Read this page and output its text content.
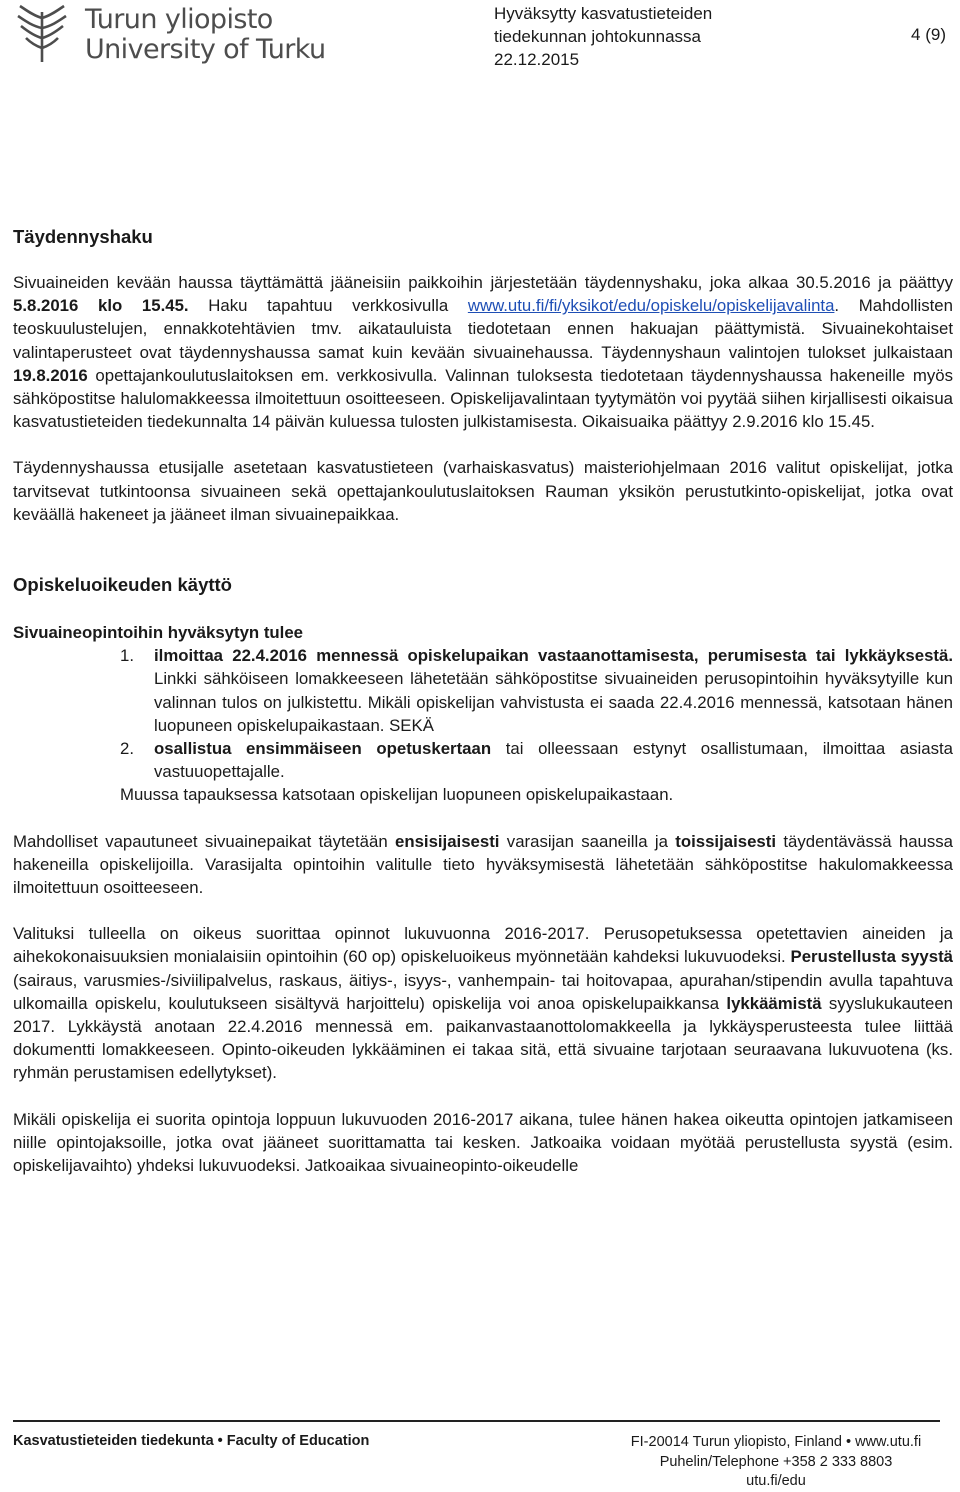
Turun yliopisto
University of Turku
Hyväksytty kasvatustieteiden
tiedekunnan johtokunnassa
22.12.2015
4 (9)
Täydennyshaku

Sivuaineiden kevään haussa täyttämättä jääneisiin paikkoihin järjestetään täydennyshaku, joka alkaa 30.5.2016 ja päättyy 5.8.2016 klo 15.45. Haku tapahtuu verkkosivulla www.utu.fi/fi/yksikot/edu/opiskelu/opiskelijavalinta. Mahdollisten teoskuulustelujen, ennakkotehtävien tmv. aikatauluista tiedotetaan ennen hakuajan päättymistä. Sivuainekohtaiset valintaperusteet ovat täydennyshaussa samat kuin kevään sivuainehaussa. Täydennyshaun valintojen tulokset julkaistaan 19.8.2016 opettajankoulutuslaitoksen em. verkkosivulla. Valinnan tuloksesta tiedotetaan täydennyshaussa hakeneille myös sähköpostitse halulomakkeessa ilmoitettuun osoitteeseen. Opiskelijavalintaan tyytymätön voi pyytää siihen kirjallisesti oikaisua kasvatustieteiden tiedekunnalta 14 päivän kuluessa tulosten julkistamisesta. Oikaisuaika päättyy 2.9.2016 klo 15.45.

Täydennyshaussa etusijalle asetetaan kasvatustieteen (varhaiskasvatus) maisteriohjelmaan 2016 valitut opiskelijat, jotka tarvitsevat tutkintoonsa sivuaineen sekä opettajankoulutuslaitoksen Rauman yksikön perustutkinto-opiskelijat, jotka ovat keväällä hakeneet ja jääneet ilman sivuainepaikkaa.

Opiskeluoikeuden käyttö

Sivuaineopintoihin hyväksytyn tulee

1. ilmoittaa 22.4.2016 mennessä opiskelupaikan vastaanottamisesta, perumisesta tai lykkäyksestä. Linkki sähköiseen lomakkeeseen lähetetään sähköpostitse sivuaineiden perusopintoihin hyväksytyille kun valinnan tulos on julkistettu. Mikäli opiskelijan vahvistusta ei saada 22.4.2016 mennessä, katsotaan hänen luopuneen opiskelupaikastaan. SEKÄ
2. osallistua ensimmäiseen opetuskertaan tai olleessaan estynyt osallistumaan, ilmoittaa asiasta vastuuopettajalle.

Muussa tapauksessa katsotaan opiskelijan luopuneen opiskelupaikastaan.

Mahdolliset vapautuneet sivuainepaikat täytetään ensisijaisesti varasijan saaneilla ja toissijaisesti täydentävässä haussa hakeneilla opiskelijoilla. Varasijalta opintoihin valitulle tieto hyväksymisestä lähetetään sähköpostitse hakulomakkeessa ilmoitettuun osoitteeseen.

Valituksi tulleella on oikeus suorittaa opinnot lukuvuonna 2016-2017. Perusopetuksessa opetettavien aineiden ja aihekokonaisuuksien monialaisiin opintoihin (60 op) opiskeluoikeus myönnetään kahdeksi lukuvuodeksi. Perustellusta syystä (sairaus, varusmies-/siviilipalvelus, raskaus, äitiys-, isyys-, vanhempain- tai hoitovapaa, apurahan/stipendin avulla tapahtuva ulkomailla opiskelu, koulutukseen sisältyvä harjoittelu) opiskelija voi anoa opiskelupaikkansa lykkäämistä syyslukukauteen 2017. Lykkäystä anotaan 22.4.2016 mennessä em. paikanvastaanottolomakkeella ja lykkäysperusteesta tulee liittää dokumentti lomakkeeseen. Opinto-oikeuden lykkääminen ei takaa sitä, että sivuaine tarjotaan seuraavana lukuvuotena (ks. ryhmän perustamisen edellytykset).

Mikäli opiskelija ei suorita opintoja loppuun lukuvuoden 2016-2017 aikana, tulee hänen hakea oikeutta opintojen jatkamiseen niille opintojaksoille, jotka ovat jääneet suorittamatta tai kesken. Jatkoaika voidaan myötää perustellusta syystä (esim. opiskelijavaihto) yhdeksi lukuvuodeksi. Jatkoaikaa sivuaineopinto-oikeudelle

Kasvatustieteiden tiedekunta • Faculty of Education	FI-20014 Turun yliopisto, Finland • www.utu.fi
Puhelin/Telephone +358 2 333 8803
utu.fi/edu
